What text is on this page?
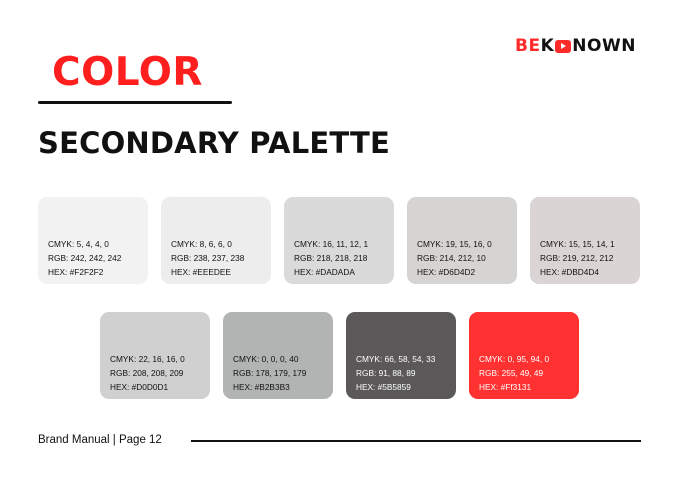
BE K NOWN
COLOR
SECONDARY PALETTE
CMYK: 5, 4, 4, 0
RGB: 242, 242, 242
HEX: #F2F2F2
CMYK: 8, 6, 6, 0
RGB: 238, 237, 238
HEX: #EEEDEE
CMYK: 16, 11, 12, 1
RGB: 218, 218, 218
HEX: #DADADA
CMYK: 19, 15, 16, 0
RGB: 214, 212, 10
HEX: #D6D4D2
CMYK: 15, 15, 14, 1
RGB: 219, 212, 212
HEX: #DBD4D4
CMYK: 22, 16, 16, 0
RGB: 208, 208, 209
HEX: #D0D0D1
CMYK: 0, 0, 0, 40
RGB: 178, 179, 179
HEX: #B2B3B3
CMYK: 66, 58, 54, 33
RGB: 91, 88, 89
HEX: #5B5859
CMYK: 0, 95, 94, 0
RGB: 255, 49, 49
HEX: #Ff3131
Brand Manual | Page 12
